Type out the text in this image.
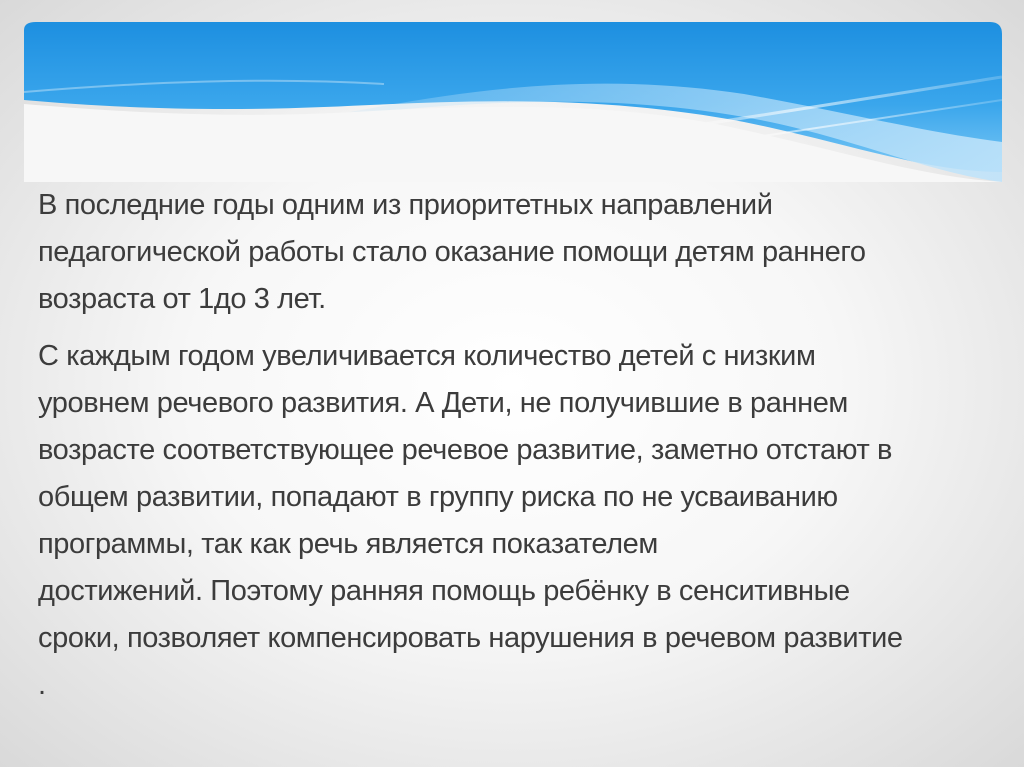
В последние годы одним из приоритетных направлений
педагогической работы стало оказание помощи детям раннего
возраста от 1до 3 лет.

С каждым годом увеличивается количество детей с низким
уровнем речевого развития. А Дети, не получившие в раннем
возрасте соответствующее речевое развитие, заметно отстают в
общем развитии, попадают в группу риска по не усваиванию
программы, так как речь является показателем
достижений. Поэтому ранняя помощь ребёнку в сенситивные
сроки, позволяет компенсировать нарушения в речевом развитие
.
